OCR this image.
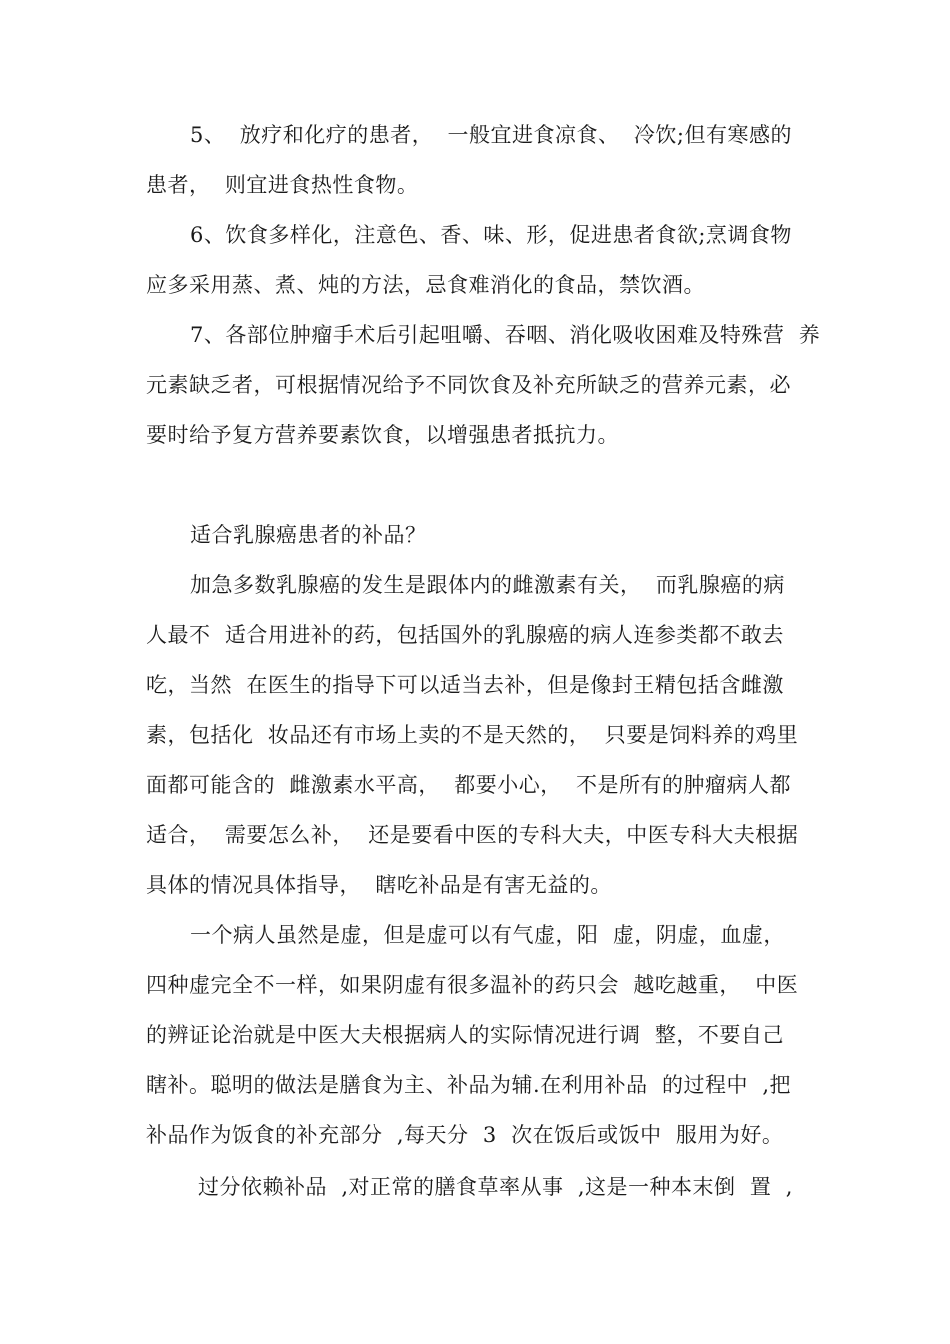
5、  放疗和化疗的患者，  一般宜进食凉食、  冷饮;但有寒感的

患者，  则宜进食热性食物。

6、饮食多样化，注意色、香、味、形，促进患者食欲;烹调食物

应多采用蒸、煮、炖的方法，忌食难消化的食品，禁饮酒。

7、各部位肿瘤手术后引起咀嚼、吞咽、消化吸收困难及特殊营  养

元素缺乏者，可根据情况给予不同饮食及补充所缺乏的营养元素，必

要时给予复方营养要素饮食，以增强患者抵抗力。

适合乳腺癌患者的补品？

加急多数乳腺癌的发生是跟体内的雌激素有关，  而乳腺癌的病

人最不  适合用进补的药，包括国外的乳腺癌的病人连参类都不敢去

吃，当然  在医生的指导下可以适当去补，但是像封王精包括含雌激

素，包括化  妆品还有市场上卖的不是天然的，  只要是饲料养的鸡里

面都可能含的  雌激素水平高，  都要小心，  不是所有的肿瘤病人都

适合，  需要怎么补，  还是要看中医的专科大夫，中医专科大夫根据

具体的情况具体指导，  瞎吃补品是有害无益的。

一个病人虽然是虚，但是虚可以有气虚，阳  虚，阴虚，血虚，

四种虚完全不一样，如果阴虚有很多温补的药只会  越吃越重，  中医

的辨证论治就是中医大夫根据病人的实际情况进行调  整，不要自己

瞎补。聪明的做法是膳食为主、补品为辅.在利用补品  的过程中  ,把

补品作为饭食的补充部分  ,每天分  3  次在饭后或饭中  服用为好。

过分依赖补品  ,对正常的膳食草率从事  ,这是一种本末倒  置  ,
